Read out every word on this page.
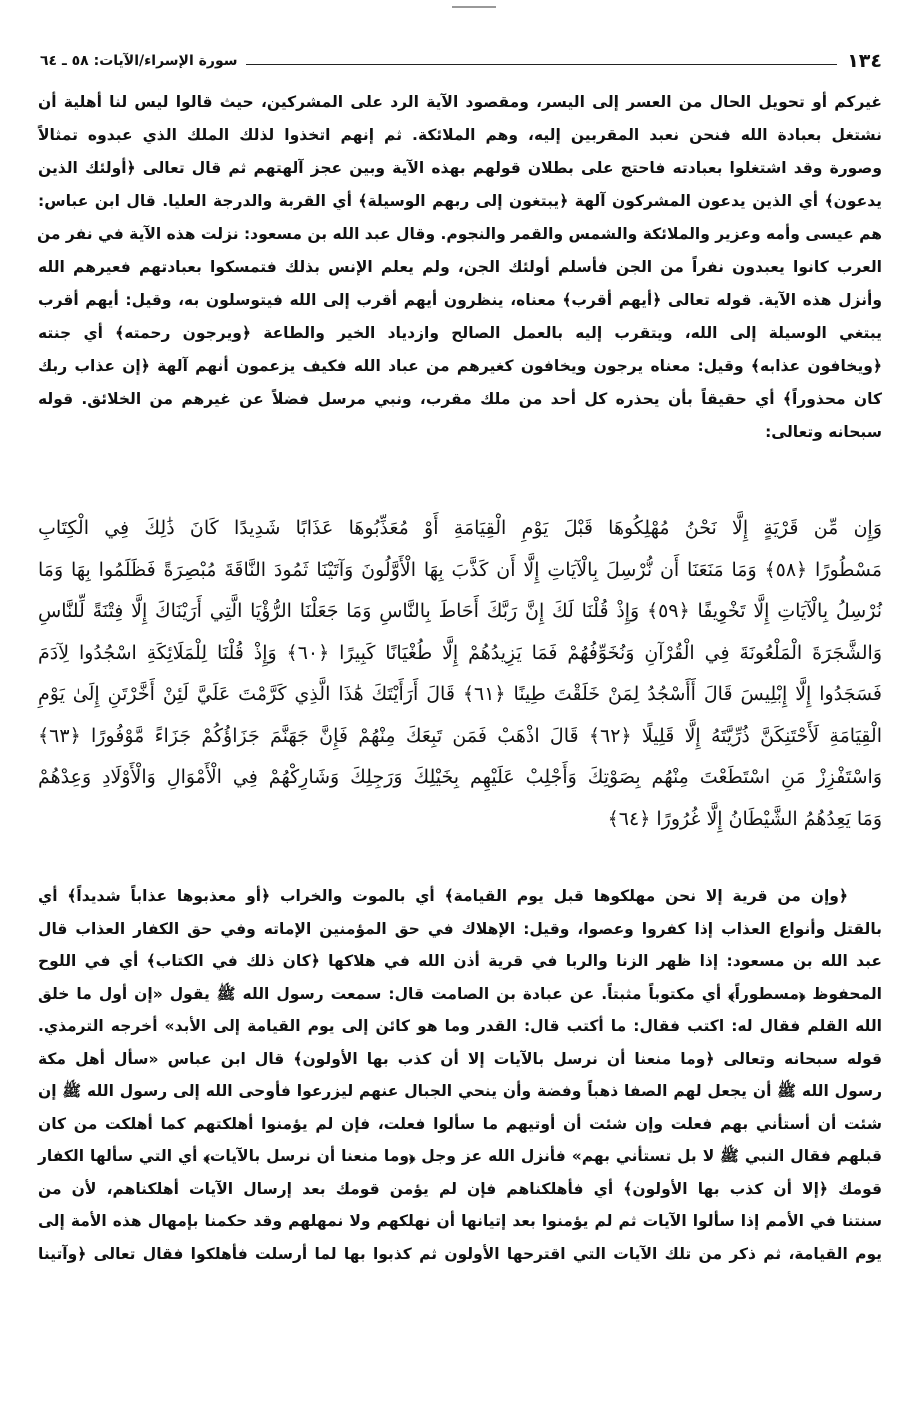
١٣٤
سورة الإسراء/الآيات: ٥٨ ـ ٦٤
غيركم أو تحويل الحال من العسر إلى اليسر، ومقصود الآية الرد على المشركين، حيث قالوا ليس لنا أهلية أن
نشتغل بعبادة الله فنحن نعبد المقربين إليه، وهم الملائكة. ثم إنهم اتخذوا لذلك الملك الذي عبدوه تمثالاً
وصورة وقد اشتغلوا بعبادته فاحتج على بطلان قولهم بهذه الآية وبين عجز آلهتهم ثم قال تعالى ﴿أولئك الذين
يدعون﴾ أي الذين يدعون المشركون آلهة ﴿يبتغون إلى ربهم الوسيلة﴾ أي القربة والدرجة العليا. قال ابن عباس:
هم عيسى وأمه وعزير والملائكة والشمس والقمر والنجوم. وقال عبد الله بن مسعود: نزلت هذه الآية في نفر من
العرب كانوا يعبدون نفراً من الجن فأسلم أولئك الجن، ولم يعلم الإنس بذلك فتمسكوا بعبادتهم فعيرهم الله
وأنزل هذه الآية. قوله تعالى ﴿أيهم أقرب﴾ معناه، ينظرون أيهم أقرب إلى الله فيتوسلون به، وقيل: أيهم أقرب
يبتغي الوسيلة إلى الله، ويتقرب إليه بالعمل الصالح وازدياد الخير والطاعة ﴿ويرجون رحمته﴾ أي جنته
﴿ويخافون عذابه﴾ وقيل: معناه يرجون ويخافون كغيرهم من عباد الله فكيف يزعمون أنهم آلهة ﴿إن عذاب ربك
كان محذوراً﴾ أي حقيقاً بأن يحذره كل أحد من ملك مقرب، ونبي مرسل فضلاً عن غيرهم من الخلائق. قوله
سبحانه وتعالى:
وَإِن مِّن قَرْيَةٍ إِلَّا نَحْنُ مُهْلِكُوهَا قَبْلَ يَوْمِ الْقِيَامَةِ أَوْ مُعَذِّبُوهَا عَذَابًا شَدِيدًا كَانَ ذَٰلِكَ فِي الْكِتَابِ
مَسْطُورًا ﴿٥٨﴾ وَمَا مَنَعَنَا أَن نُّرْسِلَ بِالْآيَاتِ إِلَّا أَن كَذَّبَ بِهَا الْأَوَّلُونَ وَآتَيْنَا ثَمُودَ النَّاقَةَ مُبْصِرَةً فَظَلَمُوا بِهَا وَمَا
نُرْسِلُ بِالْآيَاتِ إِلَّا تَخْوِيفًا ﴿٥٩﴾ وَإِذْ قُلْنَا لَكَ إِنَّ رَبَّكَ أَحَاطَ بِالنَّاسِ وَمَا جَعَلْنَا الرُّؤْيَا الَّتِي أَرَيْنَاكَ إِلَّا فِتْنَةً لِّلنَّاسِ
وَالشَّجَرَةَ الْمَلْعُونَةَ فِي الْقُرْآنِ وَنُخَوِّفُهُمْ فَمَا يَزِيدُهُمْ إِلَّا طُغْيَانًا كَبِيرًا ﴿٦٠﴾ وَإِذْ قُلْنَا لِلْمَلَائِكَةِ اسْجُدُوا لِآدَمَ
فَسَجَدُوا إِلَّا إِبْلِيسَ قَالَ أَأَسْجُدُ لِمَنْ خَلَقْتَ طِينًا ﴿٦١﴾ قَالَ أَرَأَيْتَكَ هَٰذَا الَّذِي كَرَّمْتَ عَلَيَّ لَئِنْ أَخَّرْتَنِ إِلَىٰ يَوْمِ
الْقِيَامَةِ لَأَحْتَنِكَنَّ ذُرِّيَّتَهُ إِلَّا قَلِيلًا ﴿٦٢﴾ قَالَ اذْهَبْ فَمَن تَبِعَكَ مِنْهُمْ فَإِنَّ جَهَنَّمَ جَزَاؤُكُمْ جَزَاءً مَّوْفُورًا ﴿٦٣﴾
وَاسْتَفْزِزْ مَنِ اسْتَطَعْتَ مِنْهُم بِصَوْتِكَ وَأَجْلِبْ عَلَيْهِم بِخَيْلِكَ وَرَجِلِكَ وَشَارِكْهُمْ فِي الْأَمْوَالِ وَالْأَوْلَادِ وَعِدْهُمْ
وَمَا يَعِدُهُمُ الشَّيْطَانُ إِلَّا غُرُورًا ﴿٦٤﴾
﴿وإن من قرية إلا نحن مهلكوها قبل يوم القيامة﴾ أي بالموت والخراب ﴿أو معذبوها عذاباً شديداً﴾ أي
بالقتل وأنواع العذاب إذا كفروا وعصوا، وقيل: الإهلاك في حق المؤمنين الإماته وفي حق الكفار العذاب قال
عبد الله بن مسعود: إذا ظهر الزنا والربا في قرية أذن الله في هلاكها ﴿كان ذلك في الكتاب﴾ أي في اللوح
المحفوظ ﴿مسطوراً﴾ أي مكتوباً مثبتاً. عن عبادة بن الصامت قال: سمعت رسول الله ﷺ يقول «إن أول ما خلق
الله القلم فقال له: اكتب فقال: ما أكتب قال: القدر وما هو كائن إلى يوم القيامة إلى الأبد» أخرجه الترمذي.
قوله سبحانه وتعالى ﴿وما منعنا أن نرسل بالآيات إلا أن كذب بها الأولون﴾ قال ابن عباس «سأل أهل مكة
رسول الله ﷺ أن يجعل لهم الصفا ذهباً وفضة وأن ينحي الجبال عنهم ليزرعوا فأوحى الله إلى رسول الله ﷺ إن
شئت أن أستأني بهم فعلت وإن شئت أن أوتيهم ما سألوا فعلت، فإن لم يؤمنوا أهلكتهم كما أهلكت من كان
قبلهم فقال النبي ﷺ لا بل تستأني بهم» فأنزل الله عز وجل ﴿وما منعنا أن نرسل بالآيات﴾ أي التي سألها الكفار
قومك ﴿إلا أن كذب بها الأولون﴾ أي فأهلكناهم فإن لم يؤمن قومك بعد إرسال الآيات أهلكناهم، لأن من
سنتنا في الأمم إذا سألوا الآيات ثم لم يؤمنوا بعد إتيانها أن نهلكهم ولا نمهلهم وقد حكمنا بإمهال هذه الأمة إلى
يوم القيامة، ثم ذكر من تلك الآيات التي اقترحها الأولون ثم كذبوا بها لما أرسلت فأهلكوا فقال تعالى ﴿وآتينا
